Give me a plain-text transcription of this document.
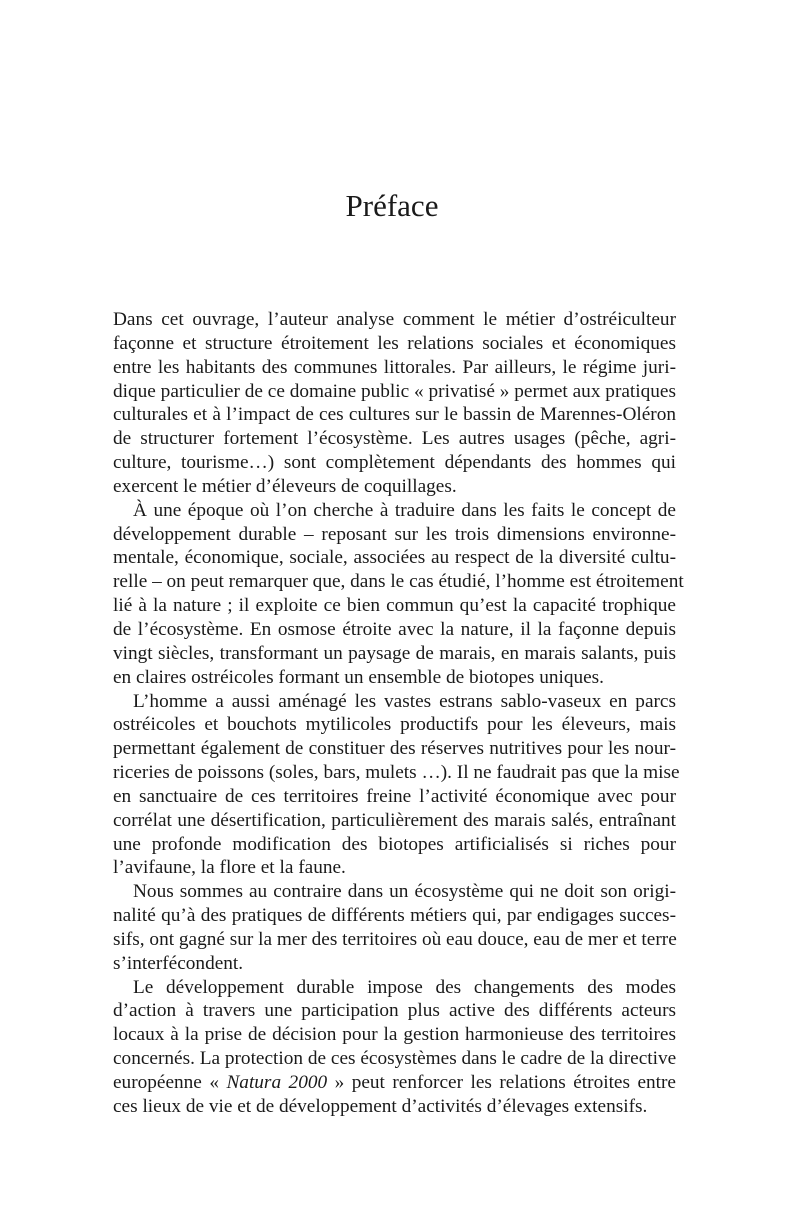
Préface
Dans cet ouvrage, l’auteur analyse comment le métier d’ostréiculteur
façonne et structure étroitement les relations sociales et économiques
entre les habitants des communes littorales. Par ailleurs, le régime juri-
dique particulier de ce domaine public « privatisé » permet aux pratiques
culturales et à l’impact de ces cultures sur le bassin de Marennes-Oléron
de structurer fortement l’écosystème. Les autres usages (pêche, agri-
culture, tourisme…) sont complètement dépendants des hommes qui
exercent le métier d’éleveurs de coquillages.
À une époque où l’on cherche à traduire dans les faits le concept de
développement durable – reposant sur les trois dimensions environne-
mentale, économique, sociale, associées au respect de la diversité cultu-
relle – on peut remarquer que, dans le cas étudié, l’homme est étroitement
lié à la nature ; il exploite ce bien commun qu’est la capacité trophique
de l’écosystème. En osmose étroite avec la nature, il la façonne depuis
vingt siècles, transformant un paysage de marais, en marais salants, puis
en claires ostréicoles formant un ensemble de biotopes uniques.
L’homme a aussi aménagé les vastes estrans sablo-vaseux en parcs
ostréicoles et bouchots mytilicoles productifs pour les éleveurs, mais
permettant également de constituer des réserves nutritives pour les nour-
riceries de poissons (soles, bars, mulets …). Il ne faudrait pas que la mise
en sanctuaire de ces territoires freine l’activité économique avec pour
corrélat une désertification, particulièrement des marais salés, entraînant
une profonde modification des biotopes artificialisés si riches pour
l’avifaune, la flore et la faune.
Nous sommes au contraire dans un écosystème qui ne doit son origi-
nalité qu’à des pratiques de différents métiers qui, par endigages succes-
sifs, ont gagné sur la mer des territoires où eau douce, eau de mer et terre
s’interfécondent.
Le développement durable impose des changements des modes
d’action à travers une participation plus active des différents acteurs
locaux à la prise de décision pour la gestion harmonieuse des territoires
concernés. La protection de ces écosystèmes dans le cadre de la directive
européenne « Natura 2000 » peut renforcer les relations étroites entre
ces lieux de vie et de développement d’activités d’élevages extensifs.
